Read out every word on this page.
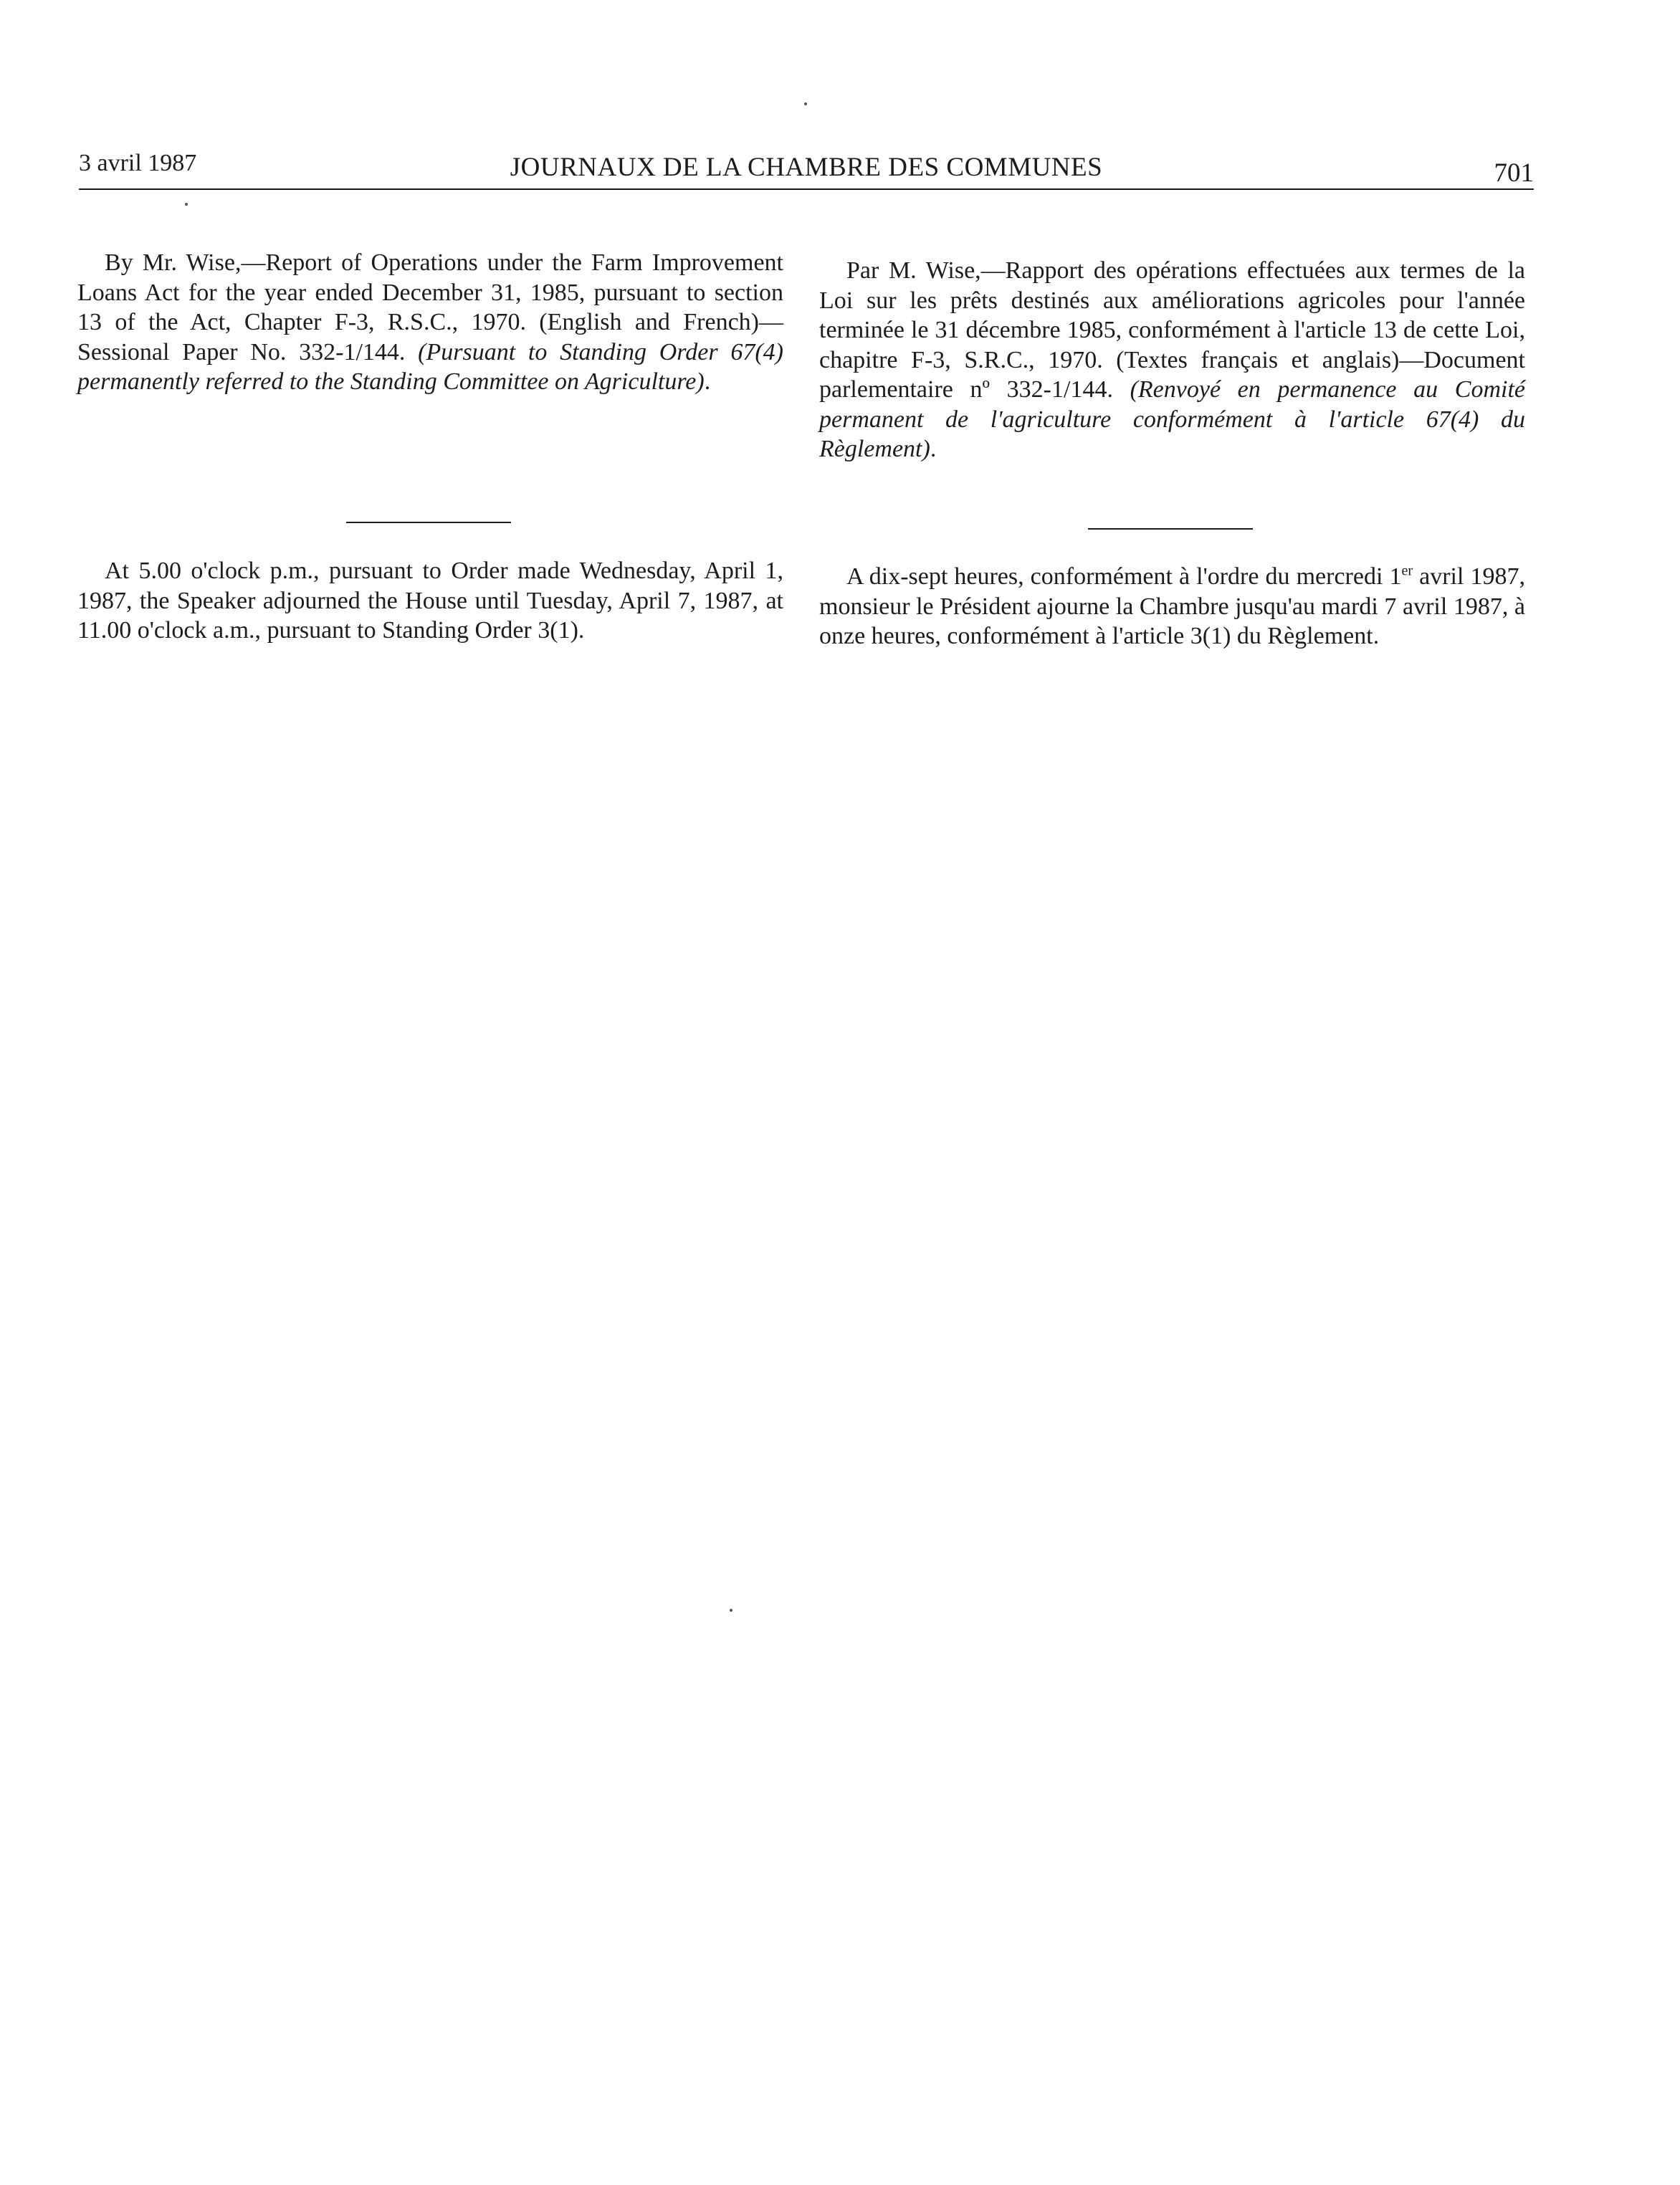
3 avril 1987	JOURNAUX DE LA CHAMBRE DES COMMUNES	701

By Mr. Wise,—Report of Operations under the Farm Improvement Loans Act for the year ended December 31, 1985, pursuant to section 13 of the Act, Chapter F-3, R.S.C., 1970. (English and French)—Sessional Paper No. 332-1/144. (Pursuant to Standing Order 67(4) permanently referred to the Standing Committee on Agriculture).

Par M. Wise,—Rapport des opérations effectuées aux termes de la Loi sur les prêts destinés aux améliorations agricoles pour l'année terminée le 31 décembre 1985, conformément à l'article 13 de cette Loi, chapitre F-3, S.R.C., 1970. (Textes français et anglais)—Document parlementaire nº 332-1/144. (Renvoyé en permanence au Comité permanent de l'agriculture conformément à l'article 67(4) du Règlement).

At 5.00 o'clock p.m., pursuant to Order made Wednesday, April 1, 1987, the Speaker adjourned the House until Tuesday, April 7, 1987, at 11.00 o'clock a.m., pursuant to Standing Order 3(1).

A dix-sept heures, conformément à l'ordre du mercredi 1er avril 1987, monsieur le Président ajourne la Chambre jusqu'au mardi 7 avril 1987, à onze heures, conformément à l'article 3(1) du Règlement.
